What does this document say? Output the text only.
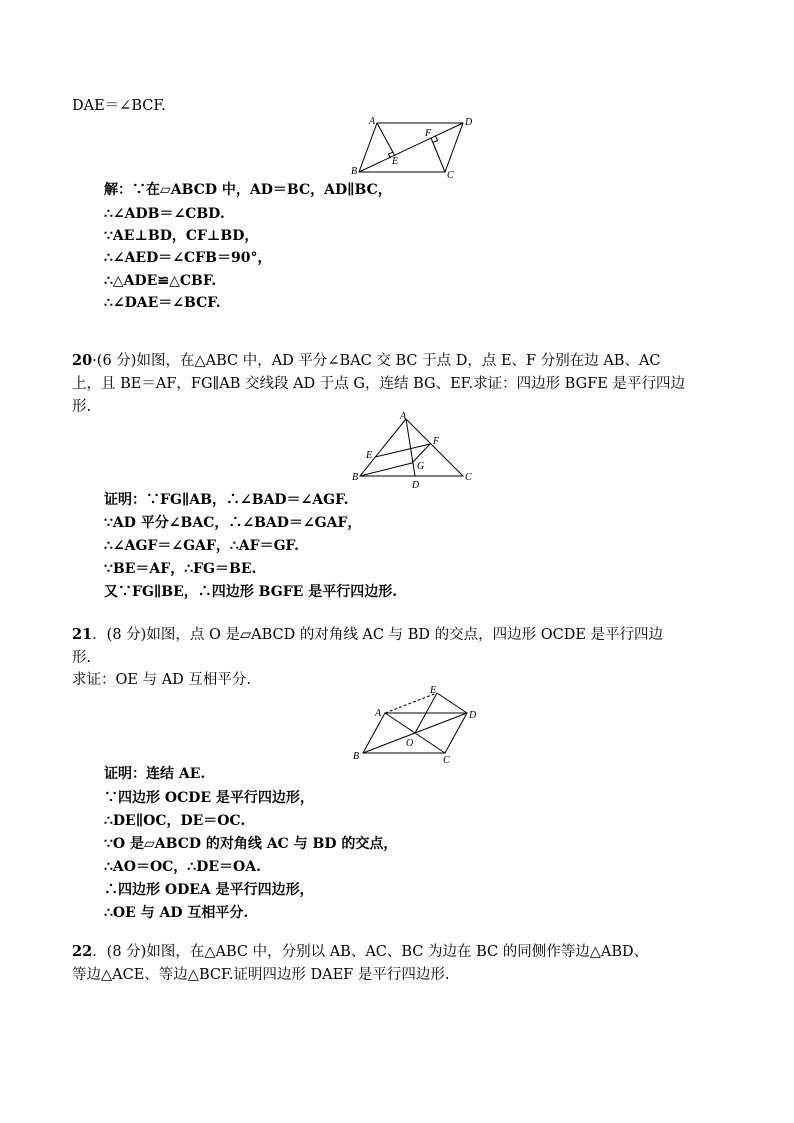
DAE＝∠BCF.
A	D
B	C
E
F
解：∵在▱ABCD 中，AD＝BC，AD∥BC，
∴∠ADB＝∠CBD.
∵AE⊥BD，CF⊥BD，
∴∠AED＝∠CFB＝90°，
∴△ADE≌△CBF.
∴∠DAE＝∠BCF.
20·(6 分)如图，在△ABC 中，AD 平分∠BAC 交 BC 于点 D，点 E、F 分别在边 AB、AC
上，且 BE＝AF，FG∥AB 交线段 AD 于点 G，连结 BG、EF.求证：四边形 BGFE 是平行四边
形.
A
E
F
G
B
D
C
证明：∵FG∥AB，∴∠BAD＝∠AGF.
∵AD 平分∠BAC，∴∠BAD＝∠GAF，
∴∠AGF＝∠GAF，∴AF＝GF.
∵BE＝AF，∴FG＝BE.
又∵FG∥BE，∴四边形 BGFE 是平行四边形.
21．(8 分)如图，点 O 是▱ABCD 的对角线 AC 与 BD 的交点，四边形 OCDE 是平行四边
形.
求证：OE 与 AD 互相平分.
E
A	D
O
B	C
证明：连结 AE.
∵四边形 OCDE 是平行四边形，
∴DE∥OC，DE＝OC.
∵O 是▱ABCD 的对角线 AC 与 BD 的交点，
∴AO＝OC，∴DE＝OA.
∴四边形 ODEA 是平行四边形，
∴OE 与 AD 互相平分.
22．(8 分)如图，在△ABC 中，分别以 AB、AC、BC 为边在 BC 的同侧作等边△ABD、
等边△ACE、等边△BCF.证明四边形 DAEF 是平行四边形.
